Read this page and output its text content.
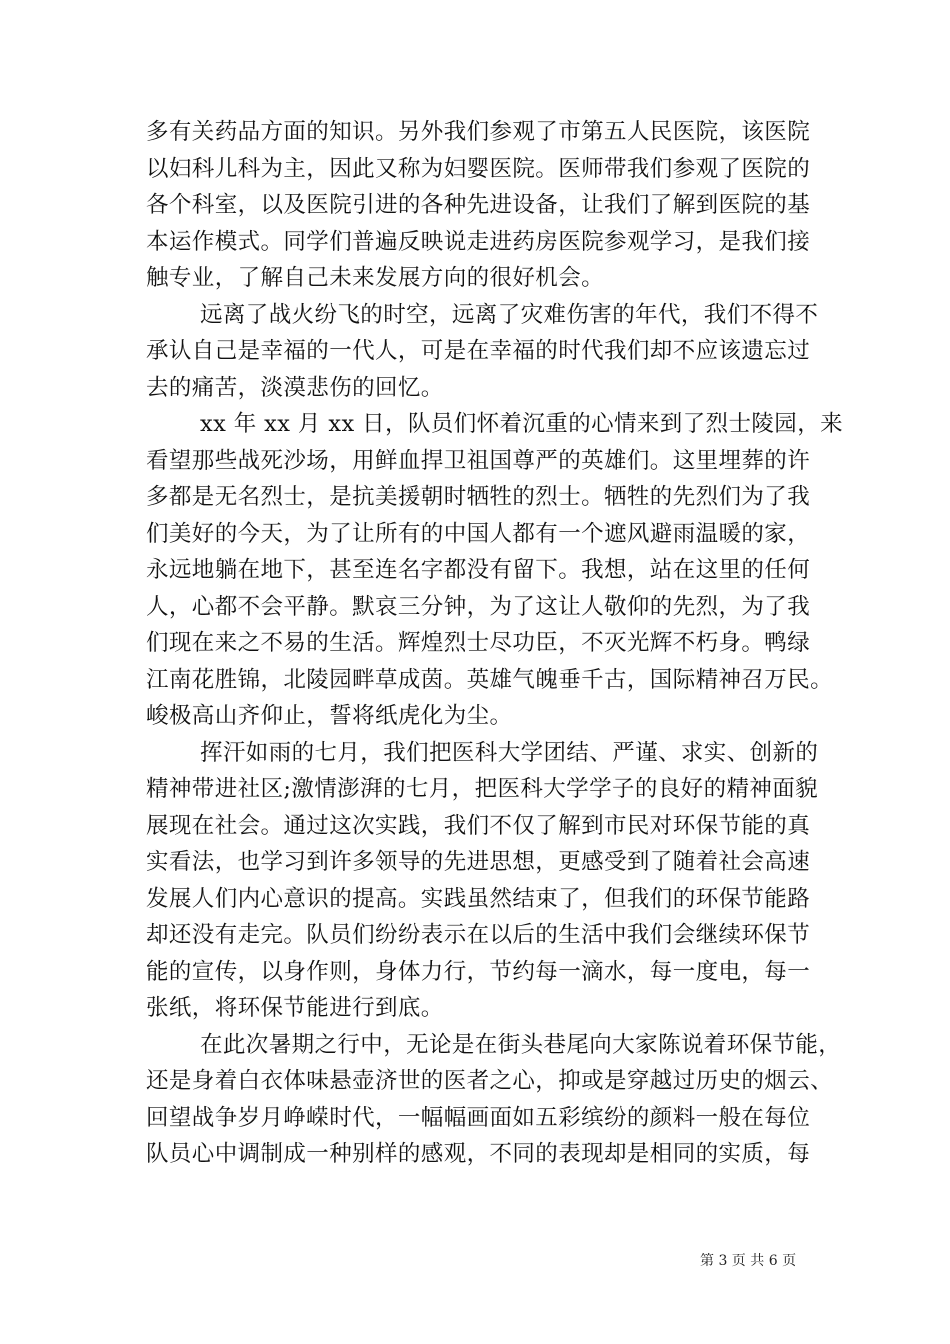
多有关药品方面的知识。另外我们参观了市第五人民医院，该医院
以妇科儿科为主，因此又称为妇婴医院。医师带我们参观了医院的
各个科室，以及医院引进的各种先进设备，让我们了解到医院的基
本运作模式。同学们普遍反映说走进药房医院参观学习，是我们接
触专业，了解自己未来发展方向的很好机会。
远离了战火纷飞的时空，远离了灾难伤害的年代，我们不得不
承认自己是幸福的一代人，可是在幸福的时代我们却不应该遗忘过
去的痛苦，淡漠悲伤的回忆。
xx 年 xx 月 xx 日，队员们怀着沉重的心情来到了烈士陵园，来
看望那些战死沙场，用鲜血捍卫祖国尊严的英雄们。这里埋葬的许
多都是无名烈士，是抗美援朝时牺牲的烈士。牺牲的先烈们为了我
们美好的今天，为了让所有的中国人都有一个遮风避雨温暖的家，
永远地躺在地下，甚至连名字都没有留下。我想，站在这里的任何
人，心都不会平静。默哀三分钟，为了这让人敬仰的先烈，为了我
们现在来之不易的生活。辉煌烈士尽功臣，不灭光辉不朽身。鸭绿
江南花胜锦，北陵园畔草成茵。英雄气魄垂千古，国际精神召万民。
峻极高山齐仰止，誓将纸虎化为尘。
挥汗如雨的七月，我们把医科大学团结、严谨、求实、创新的
精神带进社区;激情澎湃的七月，把医科大学学子的良好的精神面貌
展现在社会。通过这次实践，我们不仅了解到市民对环保节能的真
实看法，也学习到许多领导的先进思想，更感受到了随着社会高速
发展人们内心意识的提高。实践虽然结束了，但我们的环保节能路
却还没有走完。队员们纷纷表示在以后的生活中我们会继续环保节
能的宣传，以身作则，身体力行，节约每一滴水，每一度电，每一
张纸，将环保节能进行到底。
在此次暑期之行中，无论是在街头巷尾向大家陈说着环保节能，
还是身着白衣体味悬壶济世的医者之心，抑或是穿越过历史的烟云、
回望战争岁月峥嵘时代，一幅幅画面如五彩缤纷的颜料一般在每位
队员心中调制成一种别样的感观，不同的表现却是相同的实质，每
第 3 页 共 6 页
